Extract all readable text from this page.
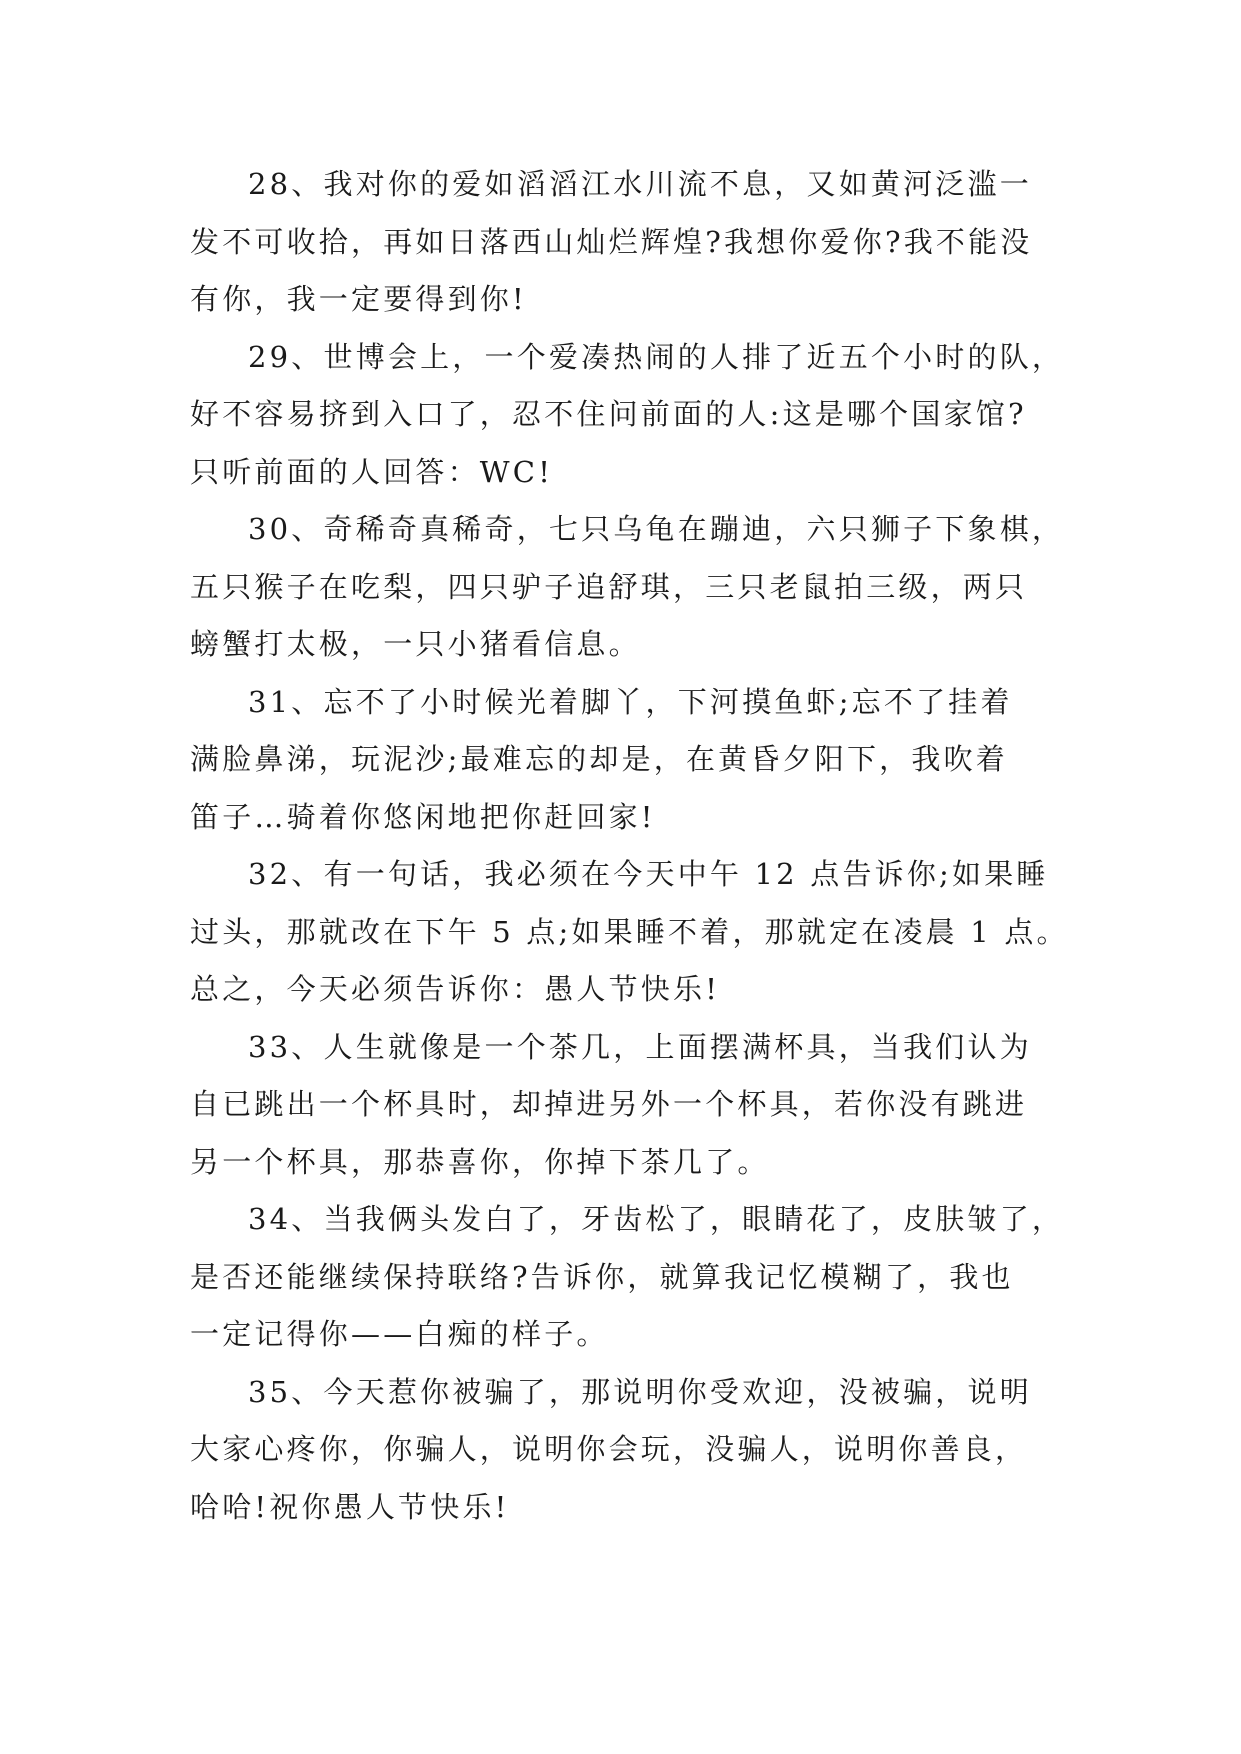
28、我对你的爱如滔滔江水川流不息，又如黄河泛滥一
发不可收拾，再如日落西山灿烂辉煌?我想你爱你?我不能没
有你，我一定要得到你!

29、世博会上，一个爱凑热闹的人排了近五个小时的队，
好不容易挤到入口了，忍不住问前面的人:这是哪个国家馆?
只听前面的人回答：WC!

30、奇稀奇真稀奇，七只乌龟在蹦迪，六只狮子下象棋，
五只猴子在吃梨，四只驴子追舒琪，三只老鼠拍三级，两只
螃蟹打太极，一只小猪看信息。

31、忘不了小时候光着脚丫，下河摸鱼虾;忘不了挂着
满脸鼻涕，玩泥沙;最难忘的却是，在黄昏夕阳下，我吹着
笛子…骑着你悠闲地把你赶回家!

32、有一句话，我必须在今天中午 12 点告诉你;如果睡
过头，那就改在下午 5 点;如果睡不着，那就定在凌晨 1 点。
总之，今天必须告诉你：愚人节快乐!

33、人生就像是一个茶几，上面摆满杯具，当我们认为
自已跳出一个杯具时，却掉进另外一个杯具，若你没有跳进
另一个杯具，那恭喜你，你掉下茶几了。

34、当我俩头发白了，牙齿松了，眼睛花了，皮肤皱了，
是否还能继续保持联络?告诉你，就算我记忆模糊了，我也
一定记得你——白痴的样子。

35、今天惹你被骗了，那说明你受欢迎，没被骗，说明
大家心疼你，你骗人，说明你会玩，没骗人，说明你善良，
哈哈!祝你愚人节快乐!
